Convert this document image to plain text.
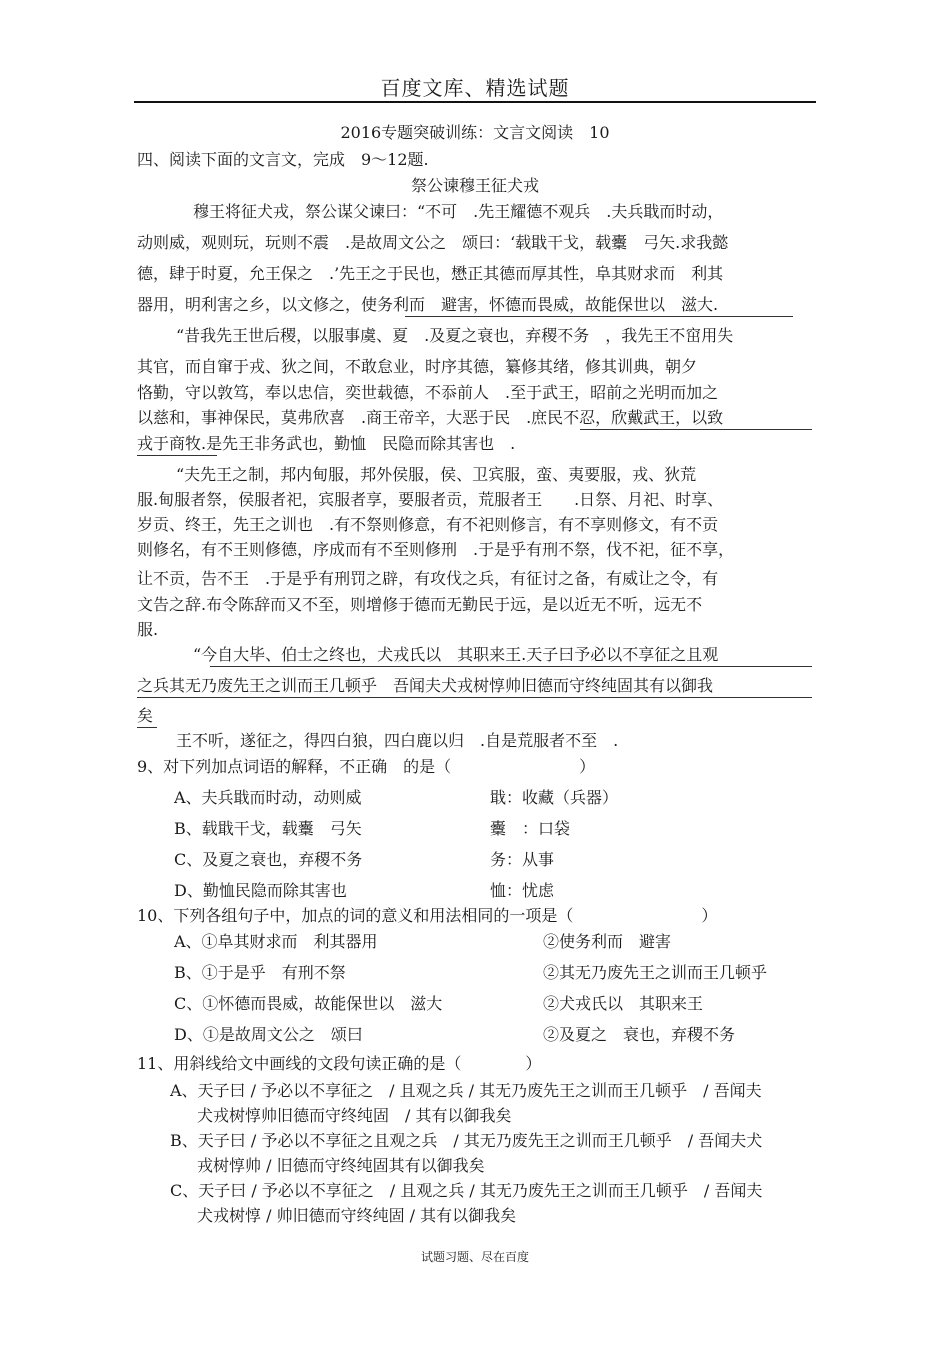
百度文库、精选试题
2016专题突破训练：文言文阅读　10
四、阅读下面的文言文，完成　9～12题.
祭公谏穆王征犬戎
穆王将征犬戎，祭公谋父谏曰：“不可　.先王耀德不观兵　.夫兵戢而时动，
动则威，观则玩，玩则不震　.是故周文公之　颂曰：‘载戢干戈，载櫜　弓矢.求我懿
德，肆于时夏，允王保之　.’先王之于民也，懋正其德而厚其性，阜其财求而　利其
器用，明利害之乡，以文修之，使务利而　避害，怀德而畏威，故能保世以　滋大.
“昔我先王世后稷，以服事虞、夏　.及夏之衰也，弃稷不务　，我先王不窋用失
其官，而自窜于戎、狄之间，不敢怠业，时序其德，纂修其绪，修其训典，朝夕
恪勤，守以敦笃，奉以忠信，奕世载德，不忝前人　.至于武王，昭前之光明而加之
以慈和，事神保民，莫弗欣喜　.商王帝辛，大恶于民　.庶民不忍，欣戴武王，以致
戎于商牧.是先王非务武也，勤恤　民隐而除其害也　.
“夫先王之制，邦内甸服，邦外侯服，侯、卫宾服，蛮、夷要服，戎、狄荒
服.甸服者祭，侯服者祀，宾服者享，要服者贡，荒服者王　　.日祭、月祀、时享、
岁贡、终王，先王之训也　.有不祭则修意，有不祀则修言，有不享则修文，有不贡
则修名，有不王则修德，序成而有不至则修刑　.于是乎有刑不祭，伐不祀，征不享，
让不贡，告不王　.于是乎有刑罚之辟，有攻伐之兵，有征讨之备，有威让之令，有
文告之辞.布令陈辞而又不至，则增修于德而无勤民于远，是以近无不听，远无不
服.
“今自大毕、伯士之终也，犬戎氏以　其职来王.天子曰予必以不享征之且观
之兵其无乃废先王之训而王几顿乎　吾闻夫犬戎树惇帅旧德而守终纯固其有以御我
矣
王不听，遂征之，得四白狼，四白鹿以归　.自是荒服者不至　.
9、对下列加点词语的解释，不正确　的是（　　　　　　　　）
A、夫兵戢而时动，动则威	戢：收藏（兵器）
B、载戢干戈，载櫜　弓矢	櫜　：口袋
C、及夏之衰也，弃稷不务	务：从事
D、勤恤民隐而除其害也	恤：忧虑
10、下列各组句子中，加点的词的意义和用法相同的一项是（　　　　　　　　）
A、①阜其财求而　利其器用	②使务利而　避害
B、①于是乎　有刑不祭	②其无乃废先王之训而王几顿乎
C、①怀德而畏威，故能保世以　滋大	②犬戎氏以　其职来王
D、①是故周文公之　颂曰	②及夏之　衰也，弃稷不务
11、用斜线给文中画线的文段句读正确的是（　　　　）
A、天子曰 / 予必以不享征之　/ 且观之兵 / 其无乃废先王之训而王几顿乎　/ 吾闻夫
犬戎树惇帅旧德而守终纯固　/ 其有以御我矣
B、天子曰 / 予必以不享征之且观之兵　/ 其无乃废先王之训而王几顿乎　/ 吾闻夫犬
戎树惇帅 / 旧德而守终纯固其有以御我矣
C、天子曰 / 予必以不享征之　/ 且观之兵 / 其无乃废先王之训而王几顿乎　/ 吾闻夫
犬戎树惇 / 帅旧德而守终纯固 / 其有以御我矣
试题习题、尽在百度
